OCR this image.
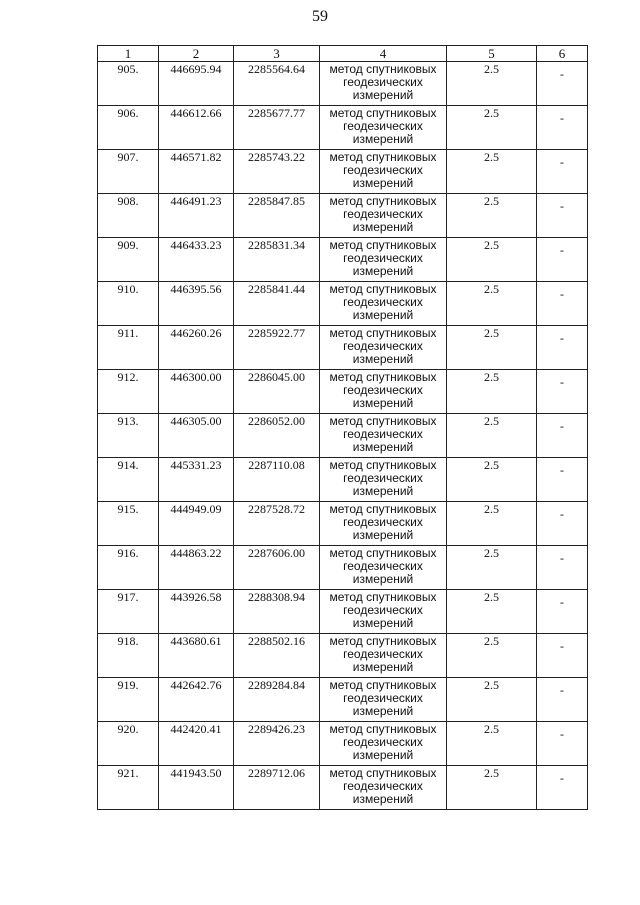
59
1	2	3	4	5	6
905.	446695.94	2285564.64	метод спутниковых геодезических измерений	2.5	-
906.	446612.66	2285677.77	метод спутниковых геодезических измерений	2.5	-
907.	446571.82	2285743.22	метод спутниковых геодезических измерений	2.5	-
908.	446491.23	2285847.85	метод спутниковых геодезических измерений	2.5	-
909.	446433.23	2285831.34	метод спутниковых геодезических измерений	2.5	-
910.	446395.56	2285841.44	метод спутниковых геодезических измерений	2.5	-
911.	446260.26	2285922.77	метод спутниковых геодезических измерений	2.5	-
912.	446300.00	2286045.00	метод спутниковых геодезических измерений	2.5	-
913.	446305.00	2286052.00	метод спутниковых геодезических измерений	2.5	-
914.	445331.23	2287110.08	метод спутниковых геодезических измерений	2.5	-
915.	444949.09	2287528.72	метод спутниковых геодезических измерений	2.5	-
916.	444863.22	2287606.00	метод спутниковых геодезических измерений	2.5	-
917.	443926.58	2288308.94	метод спутниковых геодезических измерений	2.5	-
918.	443680.61	2288502.16	метод спутниковых геодезических измерений	2.5	-
919.	442642.76	2289284.84	метод спутниковых геодезических измерений	2.5	-
920.	442420.41	2289426.23	метод спутниковых геодезических измерений	2.5	-
921.	441943.50	2289712.06	метод спутниковых геодезических измерений	2.5	-
